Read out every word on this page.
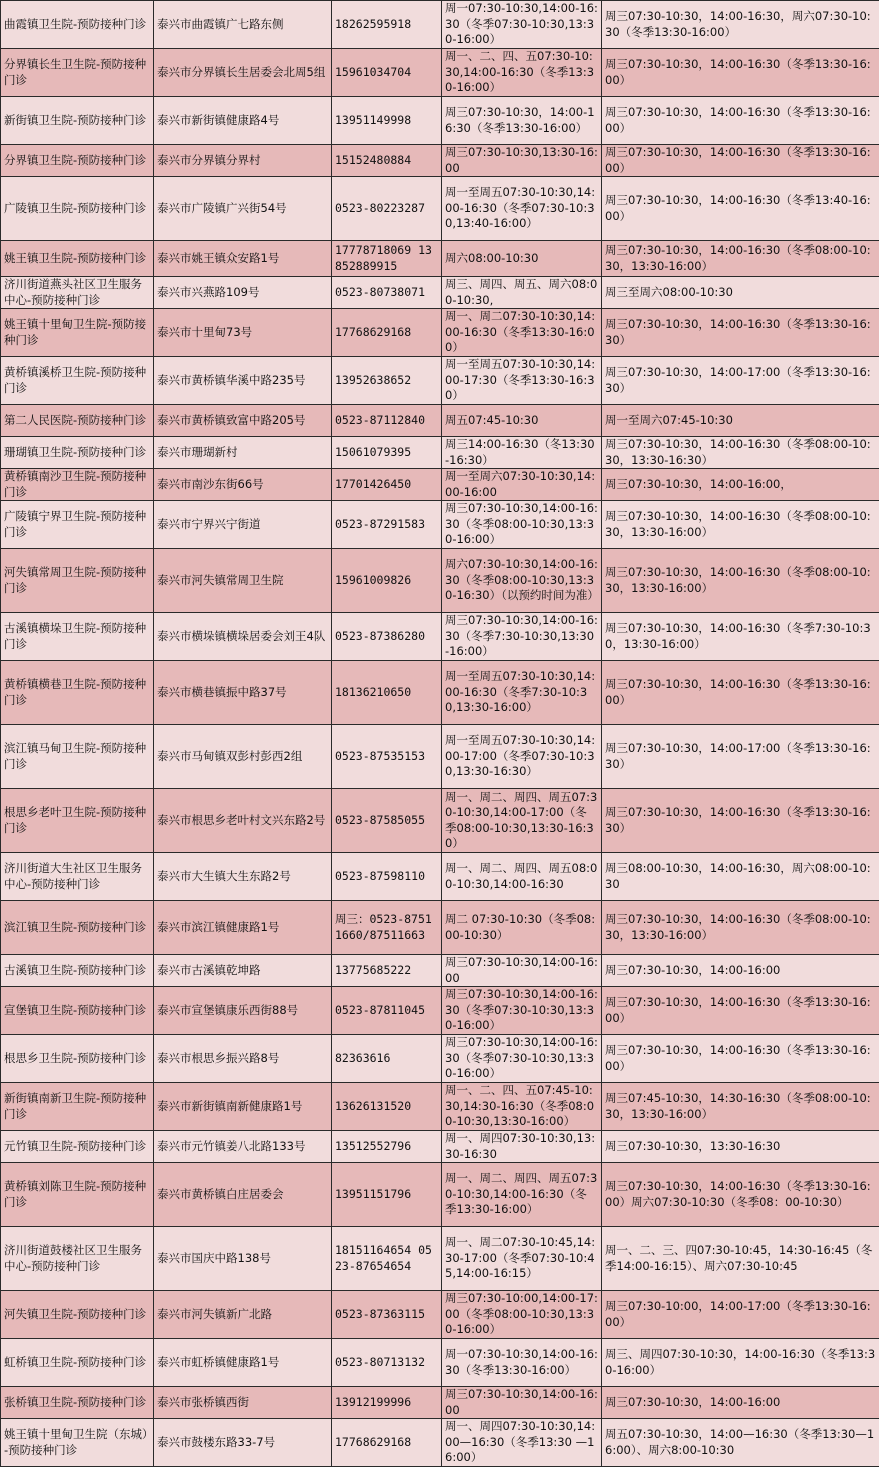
曲霞镇卫生院-预防接种门诊	泰兴市曲霞镇广七路东侧	18262595918	周一07:30-10:30,14:00-16:30（冬季07:30-10:30,13:30-16:00）	周三07:30-10:30，14:00-16:30，周六07:30-10:30（冬季13:30-16:00）
分界镇长生卫生院-预防接种门诊	泰兴市分界镇长生居委会北周5组	15961034704	周一、二、四、五07:30-10:30,14:00-16:30（冬季13:30-16:00）	周三07:30-10:30，14:00-16:30（冬季13:30-16:00）
新街镇卫生院-预防接种门诊	泰兴市新街镇健康路4号	13951149998	周三07:30-10:30，14:00-16:30（冬季13:30-16:00）	周三07:30-10:30，14:00-16:30（冬季13:30-16:00）
分界镇卫生院-预防接种门诊	泰兴市分界镇分界村	15152480884	周三07:30-10:30,13:30-16:00	周三07:30-10:30，14:00-16:30（冬季13:30-16:00）
广陵镇卫生院-预防接种门诊	泰兴市广陵镇广兴街54号	0523-80223287	周一至周五07:30-10:30,14:00-16:30（冬季07:30-10:30,13:40-16:00）	周三07:30-10:30，14:00-16:30（冬季13:40-16:00）
姚王镇卫生院-预防接种门诊	泰兴市姚王镇众安路1号	17778718069 13852889915	周六08:00-10:30	周三07:30-10:30，14:00-16:30（冬季08:00-10:30，13:30-16:00）
济川街道燕头社区卫生服务中心-预防接种门诊	泰兴市兴燕路109号	0523-80738071	周三、周四、周五、周六08:00-10:30,	周三至周六08:00-10:30
姚王镇十里甸卫生院-预防接种门诊	泰兴市十里甸73号	17768629168	周一、周二07:30-10:30,14:00-16:30（冬季13:30-16:00）	周三07:30-10:30，14:00-16:30（冬季13:30-16:30）
黄桥镇溪桥卫生院-预防接种门诊	泰兴市黄桥镇华溪中路235号	13952638652	周一至周五07:30-10:30,14:00-17:30（冬季13:30-16:30）	周三07:30-10:30，14:00-17:00（冬季13:30-16:30）
第二人民医院-预防接种门诊	泰兴市黄桥镇致富中路205号	0523-87112840	周五07:45-10:30	周一至周六07:45-10:30
珊瑚镇卫生院-预防接种门诊	泰兴市珊瑚新村	15061079395	周三14:00-16:30（冬13:30-16:30）	周三07:30-10:30，14:00-16:30（冬季08:00-10:30，13:30-16:30）
黄桥镇南沙卫生院-预防接种门诊	泰兴市南沙东街66号	17701426450	周一至周六07:30-10:30,14:00-16:00	周三07:30-10:30，14:00-16:00，
广陵镇宁界卫生院-预防接种门诊	泰兴市宁界兴宁街道	0523-87291583	周三07:30-10:30,14:00-16:30（冬季08:00-10:30,13:30-16:00）	周三07:30-10:30，14:00-16:30（冬季08:00-10:30，13:30-16:00）
河失镇常周卫生院-预防接种门诊	泰兴市河失镇常周卫生院	15961009826	周六07:30-10:30,14:00-16:30（冬季08:00-10:30,13:30-16:30）（以预约时间为准）	周三07:30-10:30，14:00-16:30（冬季08:00-10:30，13:30-16:00）
古溪镇横垛卫生院-预防接种门诊	泰兴市横垛镇横垛居委会刘王4队	0523-87386280	周三07:30-10:30,14:00-16:30（冬季7:30-10:30,13:30-16:00）	周三07:30-10:30，14:00-16:30（冬季7:30-10:30，13:30-16:00）
黄桥镇横巷卫生院-预防接种门诊	泰兴市横巷镇振中路37号	18136210650	周一至周五07:30-10:30,14:00-16:30（冬季7:30-10:30,13:30-16:00）	周三07:30-10:30，14:00-16:30（冬季13:30-16:00）
滨江镇马甸卫生院-预防接种门诊	泰兴市马甸镇双彭村彭西2组	0523-87535153	周一至周五07:30-10:30,14:00-17:00（冬季07:30-10:30,13:30-16:30）	周三07:30-10:30，14:00-17:00（冬季13:30-16:30）
根思乡老叶卫生院-预防接种门诊	泰兴市根思乡老叶村文兴东路2号	0523-87585055	周一、周二、周四、周五07:30-10:30,14:00-17:00（冬季08:00-10:30,13:30-16:30）	周三07:30-10:30，14:00-16:30（冬季13:30-16:30）
济川街道大生社区卫生服务中心-预防接种门诊	泰兴市大生镇大生东路2号	0523-87598110	周一、周二、周四、周五08:00-10:30,14:00-16:30	周三08:00-10:30，14:00-16:30，周六08:00-10:30
滨江镇卫生院-预防接种门诊	泰兴市滨江镇健康路1号	周三：0523-87511660/87511663	周二 07:30-10:30（冬季08:00-10:30）	周三07:30-10:30，14:00-16:30（冬季08:00-10:30，13:30-16:00）
古溪镇卫生院-预防接种门诊	泰兴市古溪镇乾坤路	13775685222	周三07:30-10:30,14:00-16:00	周三07:30-10:30，14:00-16:00
宣堡镇卫生院-预防接种门诊	泰兴市宣堡镇康乐西街88号	0523-87811045	周三07:30-10:30,14:00-16:30（冬季07:30-10:30,13:30-16:00）	周三07:30-10:30，14:00-16:30（冬季13:30-16:00）
根思乡卫生院-预防接种门诊	泰兴市根思乡振兴路8号	82363616	周三07:30-10:30,14:00-16:30（冬季07:30-10:30,13:30-16:00）	周三07:30-10:30，14:00-16:30（冬季13:30-16:00）
新街镇南新卫生院-预防接种门诊	泰兴市新街镇南新健康路1号	13626131520	周一、二、四、五07:45-10:30,14:30-16:30（冬季08:00-10:30,13:30-16:00）	周三07:45-10:30，14:30-16:30（冬季08:00-10:30，13:30-16:00）
元竹镇卫生院-预防接种门诊	泰兴市元竹镇姜八北路133号	13512552796	周一、周四07:30-10:30,13:30-16:30	周三07:30-10:30，13:30-16:30
黄桥镇刘陈卫生院-预防接种门诊	泰兴市黄桥镇白庄居委会	13951151796	周一、周二、周四、周五07:30-10:30,14:00-16:30（冬季13:30-16:00）	周三07:30-10:30，14:00-16:30（冬季13:30-16:00）周六07:30-10:30（冬季08：00-10:30）
济川街道鼓楼社区卫生服务中心-预防接种门诊	泰兴市国庆中路138号	18151164654 0523-87654654	周一、周二07:30-10:45,14:30-17:00（冬季07:30-10:45,14:00-16:15）	周一、二、三、四07:30-10:45，14:30-16:45（冬季14:00-16:15）、周六07:30-10:45
河失镇卫生院-预防接种门诊	泰兴市河失镇新广北路	0523-87363115	周三07:30-10:00,14:00-17:00（冬季08:00-10:30,13:30-16:00）	周三07:30-10:00，14:00-17:00（冬季13:30-16:00）
虹桥镇卫生院-预防接种门诊	泰兴市虹桥镇健康路1号	0523-80713132	周一07:30-10:30,14:00-16:30（冬季13:30-16:00）	周三、周四07:30-10:30，14:00-16:30（冬季13:30-16:00）
张桥镇卫生院-预防接种门诊	泰兴市张桥镇西街	13912199996	周三07:30-10:30,14:00-16:00	周三07:30-10:30，14:00-16:00
姚王镇十里甸卫生院（东城）-预防接种门诊	泰兴市鼓楼东路33-7号	17768629168	周一、周四07:30-10:30,14:00—16:30（冬季13:30 —16:00）	周五07:30-10:30，14:00—16:30（冬季13:30—16:00）、周六8:00-10:30
